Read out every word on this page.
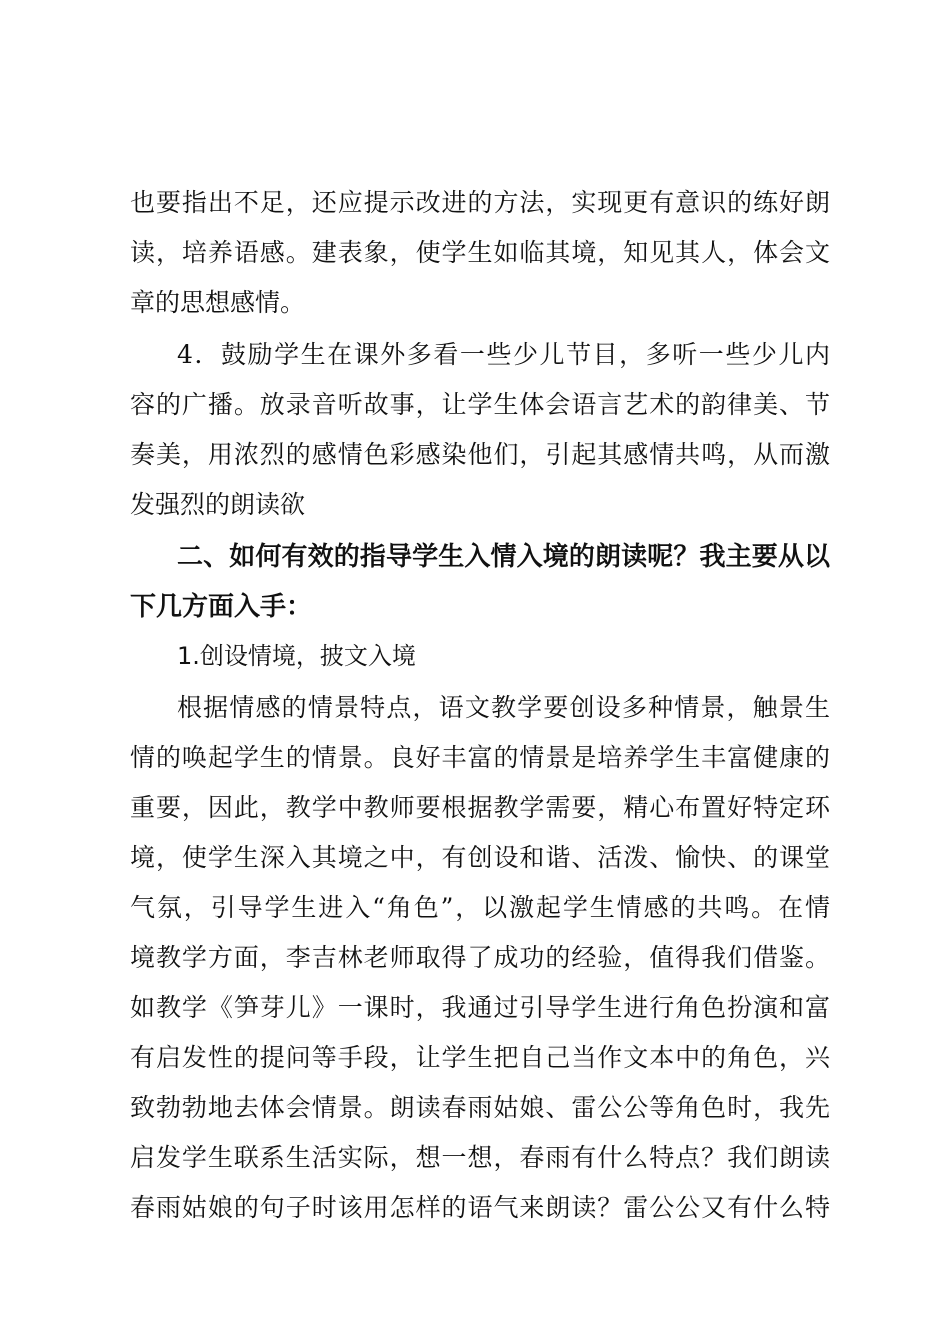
也要指出不足，还应提示改进的方法，实现更有意识的练好朗
读，培养语感。建表象，使学生如临其境，知见其人，体会文
章的思想感情。
4．鼓励学生在课外多看一些少儿节目，多听一些少儿内
容的广播。放录音听故事，让学生体会语言艺术的韵律美、节
奏美，用浓烈的感情色彩感染他们，引起其感情共鸣，从而激
发强烈的朗读欲
二、如何有效的指导学生入情入境的朗读呢？我主要从以
下几方面入手：
1.创设情境，披文入境
根据情感的情景特点，语文教学要创设多种情景，触景生
情的唤起学生的情景。良好丰富的情景是培养学生丰富健康的
重要，因此，教学中教师要根据教学需要，精心布置好特定环
境，使学生深入其境之中，有创设和谐、活泼、愉快、的课堂
气氛，引导学生进入“角色”，以激起学生情感的共鸣。在情
境教学方面，李吉林老师取得了成功的经验，值得我们借鉴。
如教学《笋芽儿》一课时，我通过引导学生进行角色扮演和富
有启发性的提问等手段，让学生把自己当作文本中的角色，兴
致勃勃地去体会情景。朗读春雨姑娘、雷公公等角色时，我先
启发学生联系生活实际，想一想，春雨有什么特点？我们朗读
春雨姑娘的句子时该用怎样的语气来朗读？雷公公又有什么特
